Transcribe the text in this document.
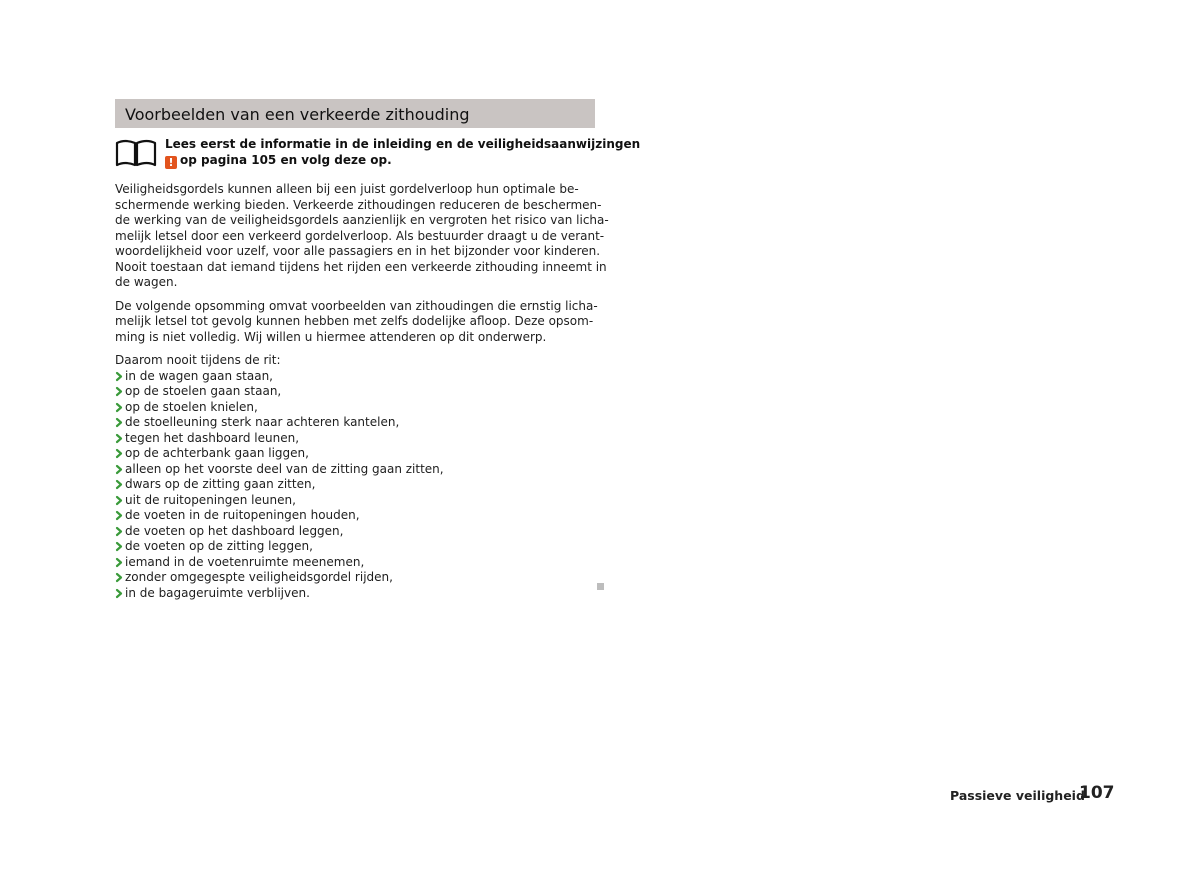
Voorbeelden van een verkeerde zithouding
Lees eerst de informatie in de inleiding en de veiligheidsaanwijzingen
! op pagina 105 en volg deze op.
Veiligheidsgordels kunnen alleen bij een juist gordelverloop hun optimale be-
schermende werking bieden. Verkeerde zithoudingen reduceren de beschermen-
de werking van de veiligheidsgordels aanzienlijk en vergroten het risico van licha-
melijk letsel door een verkeerd gordelverloop. Als bestuurder draagt u de verant-
woordelijkheid voor uzelf, voor alle passagiers en in het bijzonder voor kinderen.
Nooit toestaan dat iemand tijdens het rijden een verkeerde zithouding inneemt in
de wagen.
De volgende opsomming omvat voorbeelden van zithoudingen die ernstig licha-
melijk letsel tot gevolg kunnen hebben met zelfs dodelijke afloop. Deze opsom-
ming is niet volledig. Wij willen u hiermee attenderen op dit onderwerp.
Daarom nooit tijdens de rit:
in de wagen gaan staan,
op de stoelen gaan staan,
op de stoelen knielen,
de stoelleuning sterk naar achteren kantelen,
tegen het dashboard leunen,
op de achterbank gaan liggen,
alleen op het voorste deel van de zitting gaan zitten,
dwars op de zitting gaan zitten,
uit de ruitopeningen leunen,
de voeten in de ruitopeningen houden,
de voeten op het dashboard leggen,
de voeten op de zitting leggen,
iemand in de voetenruimte meenemen,
zonder omgegespte veiligheidsgordel rijden,
in de bagageruimte verblijven.
Passieve veiligheid
107
